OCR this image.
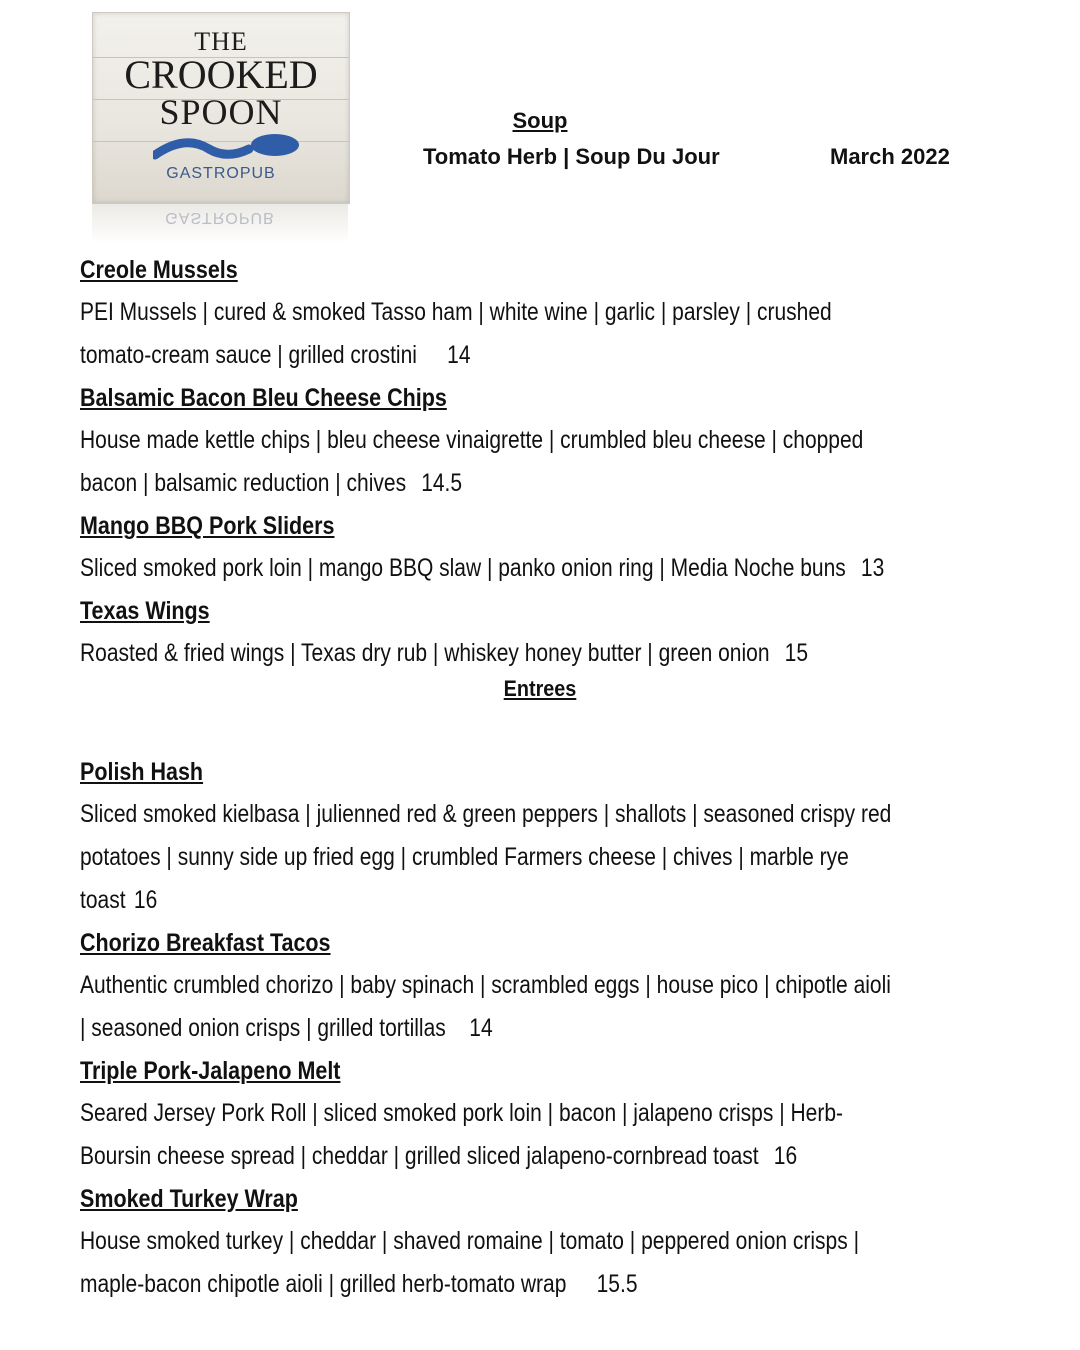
THE
CROOKED
SPOON
GASTROPUB
GASTROPUB
Soup
Tomato Herb | Soup Du Jour	March 2022
Creole Mussels
PEI Mussels | cured & smoked Tasso ham | white wine | garlic | parsley | crushed
tomato-cream sauce | grilled crostini 14
Balsamic Bacon Bleu Cheese Chips
House made kettle chips | bleu cheese vinaigrette | crumbled bleu cheese | chopped
bacon | balsamic reduction | chives 14.5
Mango BBQ Pork Sliders
Sliced smoked pork loin | mango BBQ slaw | panko onion ring | Media Noche buns 13
Texas Wings
Roasted & fried wings | Texas dry rub | whiskey honey butter | green onion 15
Entrees
Polish Hash
Sliced smoked kielbasa | julienned red & green peppers | shallots | seasoned crispy red
potatoes | sunny side up fried egg | crumbled Farmers cheese | chives | marble rye
toast 16
Chorizo Breakfast Tacos
Authentic crumbled chorizo | baby spinach | scrambled eggs | house pico | chipotle aioli
| seasoned onion crisps | grilled tortillas 14
Triple Pork-Jalapeno Melt
Seared Jersey Pork Roll | sliced smoked pork loin | bacon | jalapeno crisps | Herb-
Boursin cheese spread | cheddar | grilled sliced jalapeno-cornbread toast 16
Smoked Turkey Wrap
House smoked turkey | cheddar | shaved romaine | tomato | peppered onion crisps |
maple-bacon chipotle aioli | grilled herb-tomato wrap 15.5
